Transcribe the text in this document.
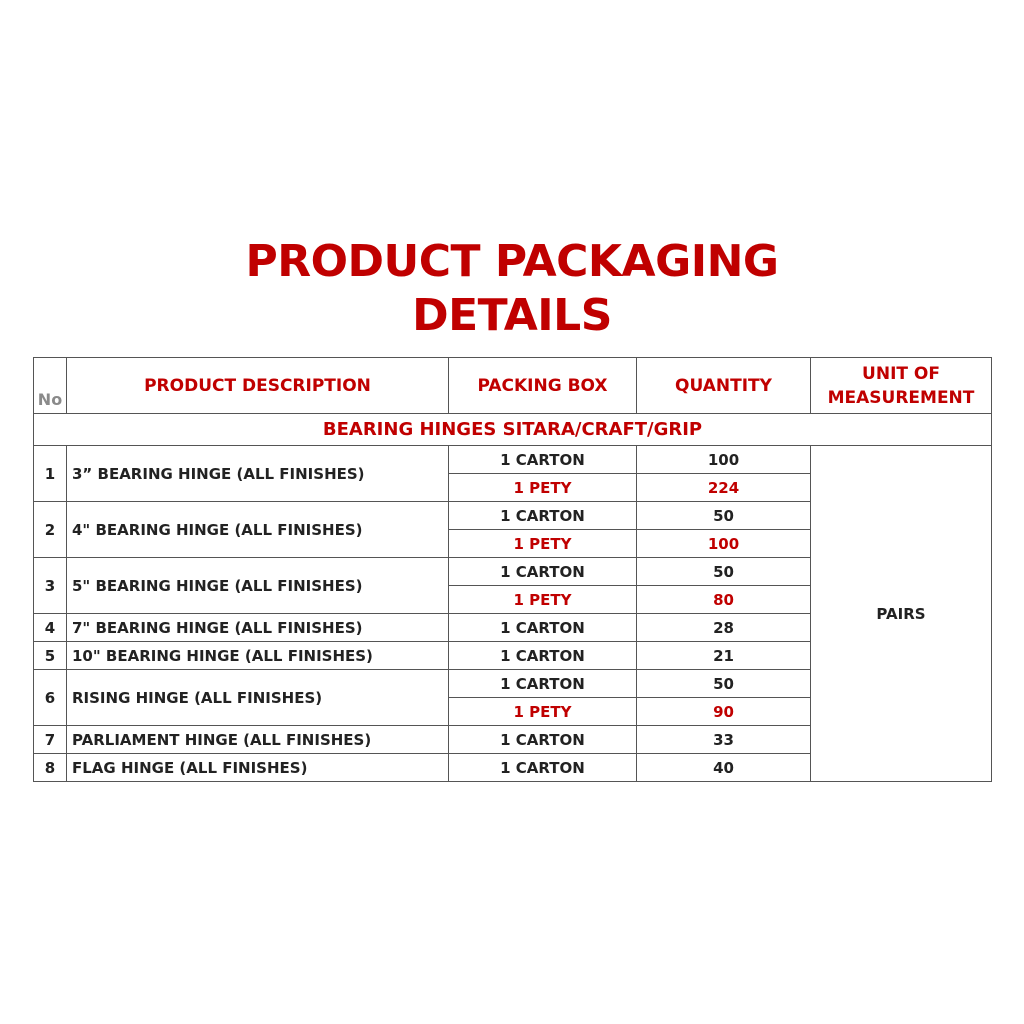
PRODUCT PACKAGING
DETAILS
No	PRODUCT DESCRIPTION	PACKING BOX	QUANTITY	UNIT OF
MEASUREMENT
BEARING HINGES SITARA/CRAFT/GRIP				
1	3” BEARING HINGE (ALL FINISHES)	1 CARTON	100	PAIRS
		1 PETY	224	
2	4" BEARING HINGE (ALL FINISHES)	1 CARTON	50	
		1 PETY	100	
3	5" BEARING HINGE (ALL FINISHES)	1 CARTON	50	
		1 PETY	80	
4	7" BEARING HINGE (ALL FINISHES)	1 CARTON	28	
5	10" BEARING HINGE (ALL FINISHES)	1 CARTON	21	
6	RISING HINGE (ALL FINISHES)	1 CARTON	50	
		1 PETY	90	
7	PARLIAMENT HINGE (ALL FINISHES)	1 CARTON	33	
8	FLAG HINGE (ALL FINISHES)	1 CARTON	40	
